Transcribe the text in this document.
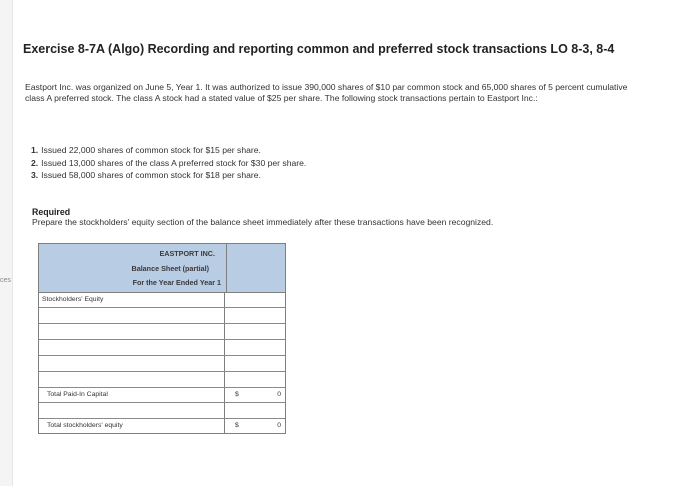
ces
Exercise 8-7A (Algo) Recording and reporting common and preferred stock transactions LO 8-3, 8-4
Eastport Inc. was organized on June 5, Year 1. It was authorized to issue 390,000 shares of $10 par common stock and 65,000 shares of 5 percent cumulative class A preferred stock. The class A stock had a stated value of $25 per share. The following stock transactions pertain to Eastport Inc.:
1. Issued 22,000 shares of common stock for $15 per share.
2. Issued 13,000 shares of the class A preferred stock for $30 per share.
3. Issued 58,000 shares of common stock for $18 per share.
Required
Prepare the stockholders' equity section of the balance sheet immediately after these transactions have been recognized.
EASTPORT INC.
Balance Sheet (partial)
For the Year Ended Year 1
Stockholders' Equity
Total Paid-In Capital	$	0
Total stockholders' equity	$	0
